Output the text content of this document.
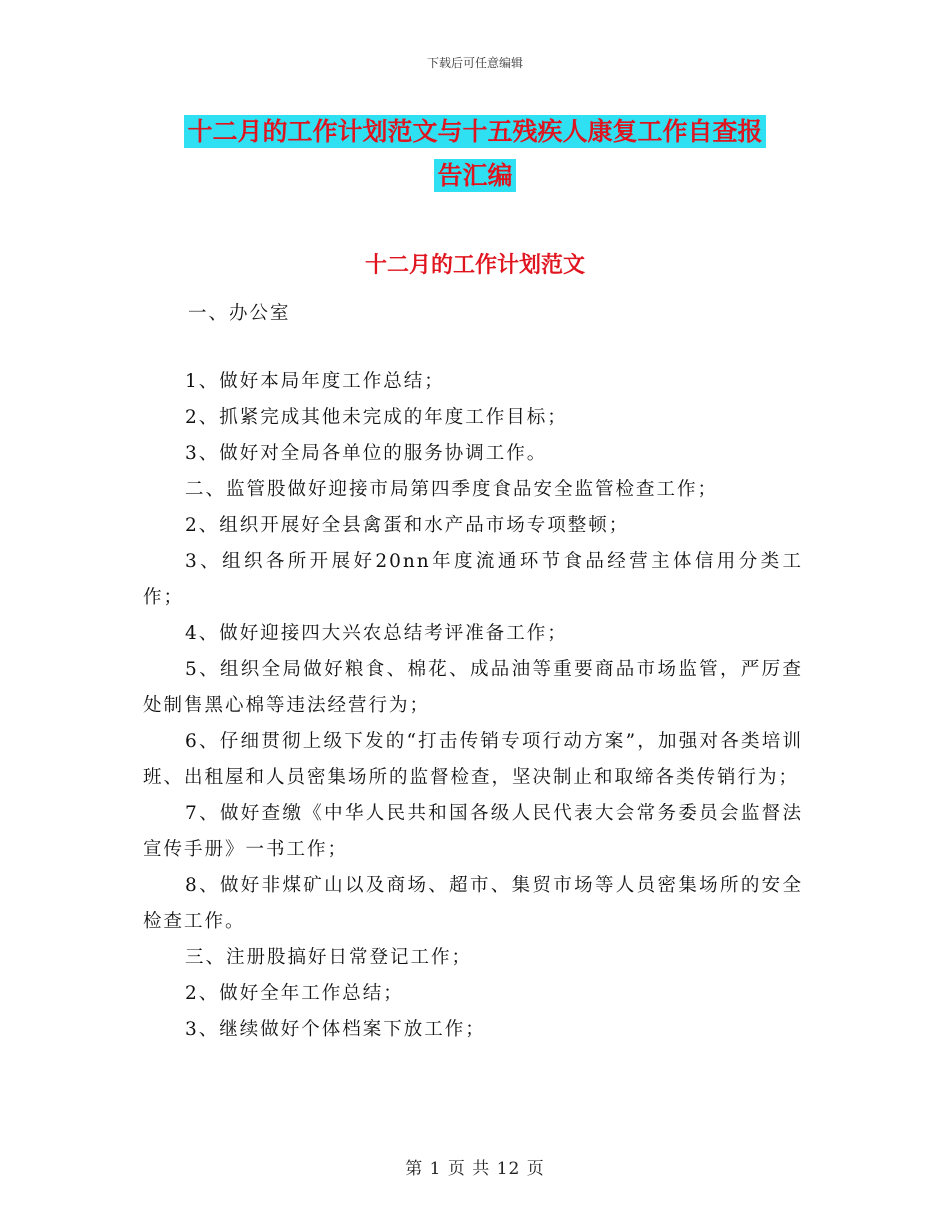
下载后可任意编辑
十二月的工作计划范文与十五残疾人康复工作自查报
告汇编
十二月的工作计划范文
一、办公室

1、做好本局年度工作总结；

2、抓紧完成其他未完成的年度工作目标；

3、做好对全局各单位的服务协调工作。

二、监管股做好迎接市局第四季度食品安全监管检查工作；

2、组织开展好全县禽蛋和水产品市场专项整顿；

3、组织各所开展好20nn年度流通环节食品经营主体信用分类工作；

4、做好迎接四大兴农总结考评准备工作；

5、组织全局做好粮食、棉花、成品油等重要商品市场监管，严厉查处制售黑心棉等违法经营行为；

6、仔细贯彻上级下发的“打击传销专项行动方案”，加强对各类培训班、出租屋和人员密集场所的监督检查，坚决制止和取缔各类传销行为；

7、做好查缴《中华人民共和国各级人民代表大会常务委员会监督法宣传手册》一书工作；

8、做好非煤矿山以及商场、超市、集贸市场等人员密集场所的安全检查工作。

三、注册股搞好日常登记工作；

2、做好全年工作总结；

3、继续做好个体档案下放工作；

第 1 页 共 12 页
